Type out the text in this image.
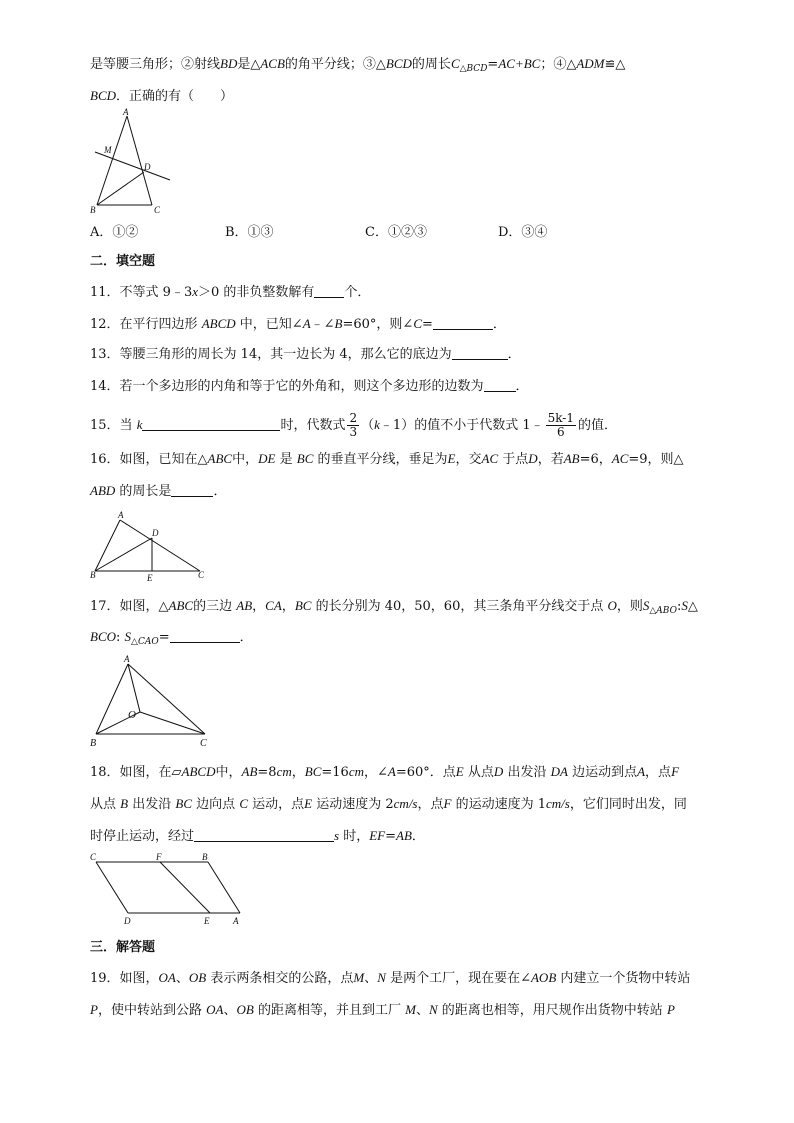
是等腰三角形；②射线BD是△ACB的角平分线；③△BCD的周长$C_{\triangle BCD}=AC+BC$；④△ADM≌△
BCD．正确的有（　　）
A
M
D
B	C
A．①②	B．①③	C．①②③	D．③④
二．填空题
11．不等式 9﹣3x＞0 的非负整数解有 个．
12．在平行四边形 ABCD 中，已知∠A﹣∠B=60°，则∠C=	．
13．等腰三角形的周长为 14，其一边长为 4，那么它的底边为	．
14．若一个多边形的内角和等于它的外角和，则这个多边形的边数为 ．
15．当 k	时，代数式 $\frac{2}{3}$ （k﹣1）的值不小于代数式 1﹣ $\frac{5k-1}{6}$ 的值．
16．如图，已知在△ABC中，DE 是 BC 的垂直平分线，垂足为E，交AC 于点D，若AB=6，AC=9，则△
ABD 的周长是	．
A
D
B	E	C
17．如图，△ABC的三边 AB，CA，BC 的长分别为 40，50，60，其三条角平分线交于点 O，则$S_{\triangle ABO}:S\triangle$
BCO: $S_{\triangle CAO}=$	．
A
O
B	C
18．如图，在▱ABCD中，AB=8cm，BC=16cm，∠A=60°．点E 从点D 出发沿 DA 边运动到点A，点F
从点 B 出发沿 BC 边向点 C 运动，点E 运动速度为 2cm/s，点F 的运动速度为 1cm/s，它们同时出发，同
时停止运动，经过	s 时，EF=AB．
C	F	B
D	E	A
三．解答题
19．如图，OA、OB 表示两条相交的公路，点M、N 是两个工厂，现在要在∠AOB 内建立一个货物中转站
P，使中转站到公路 OA、OB 的距离相等，并且到工厂 M、N 的距离也相等，用尺规作出货物中转站 P
